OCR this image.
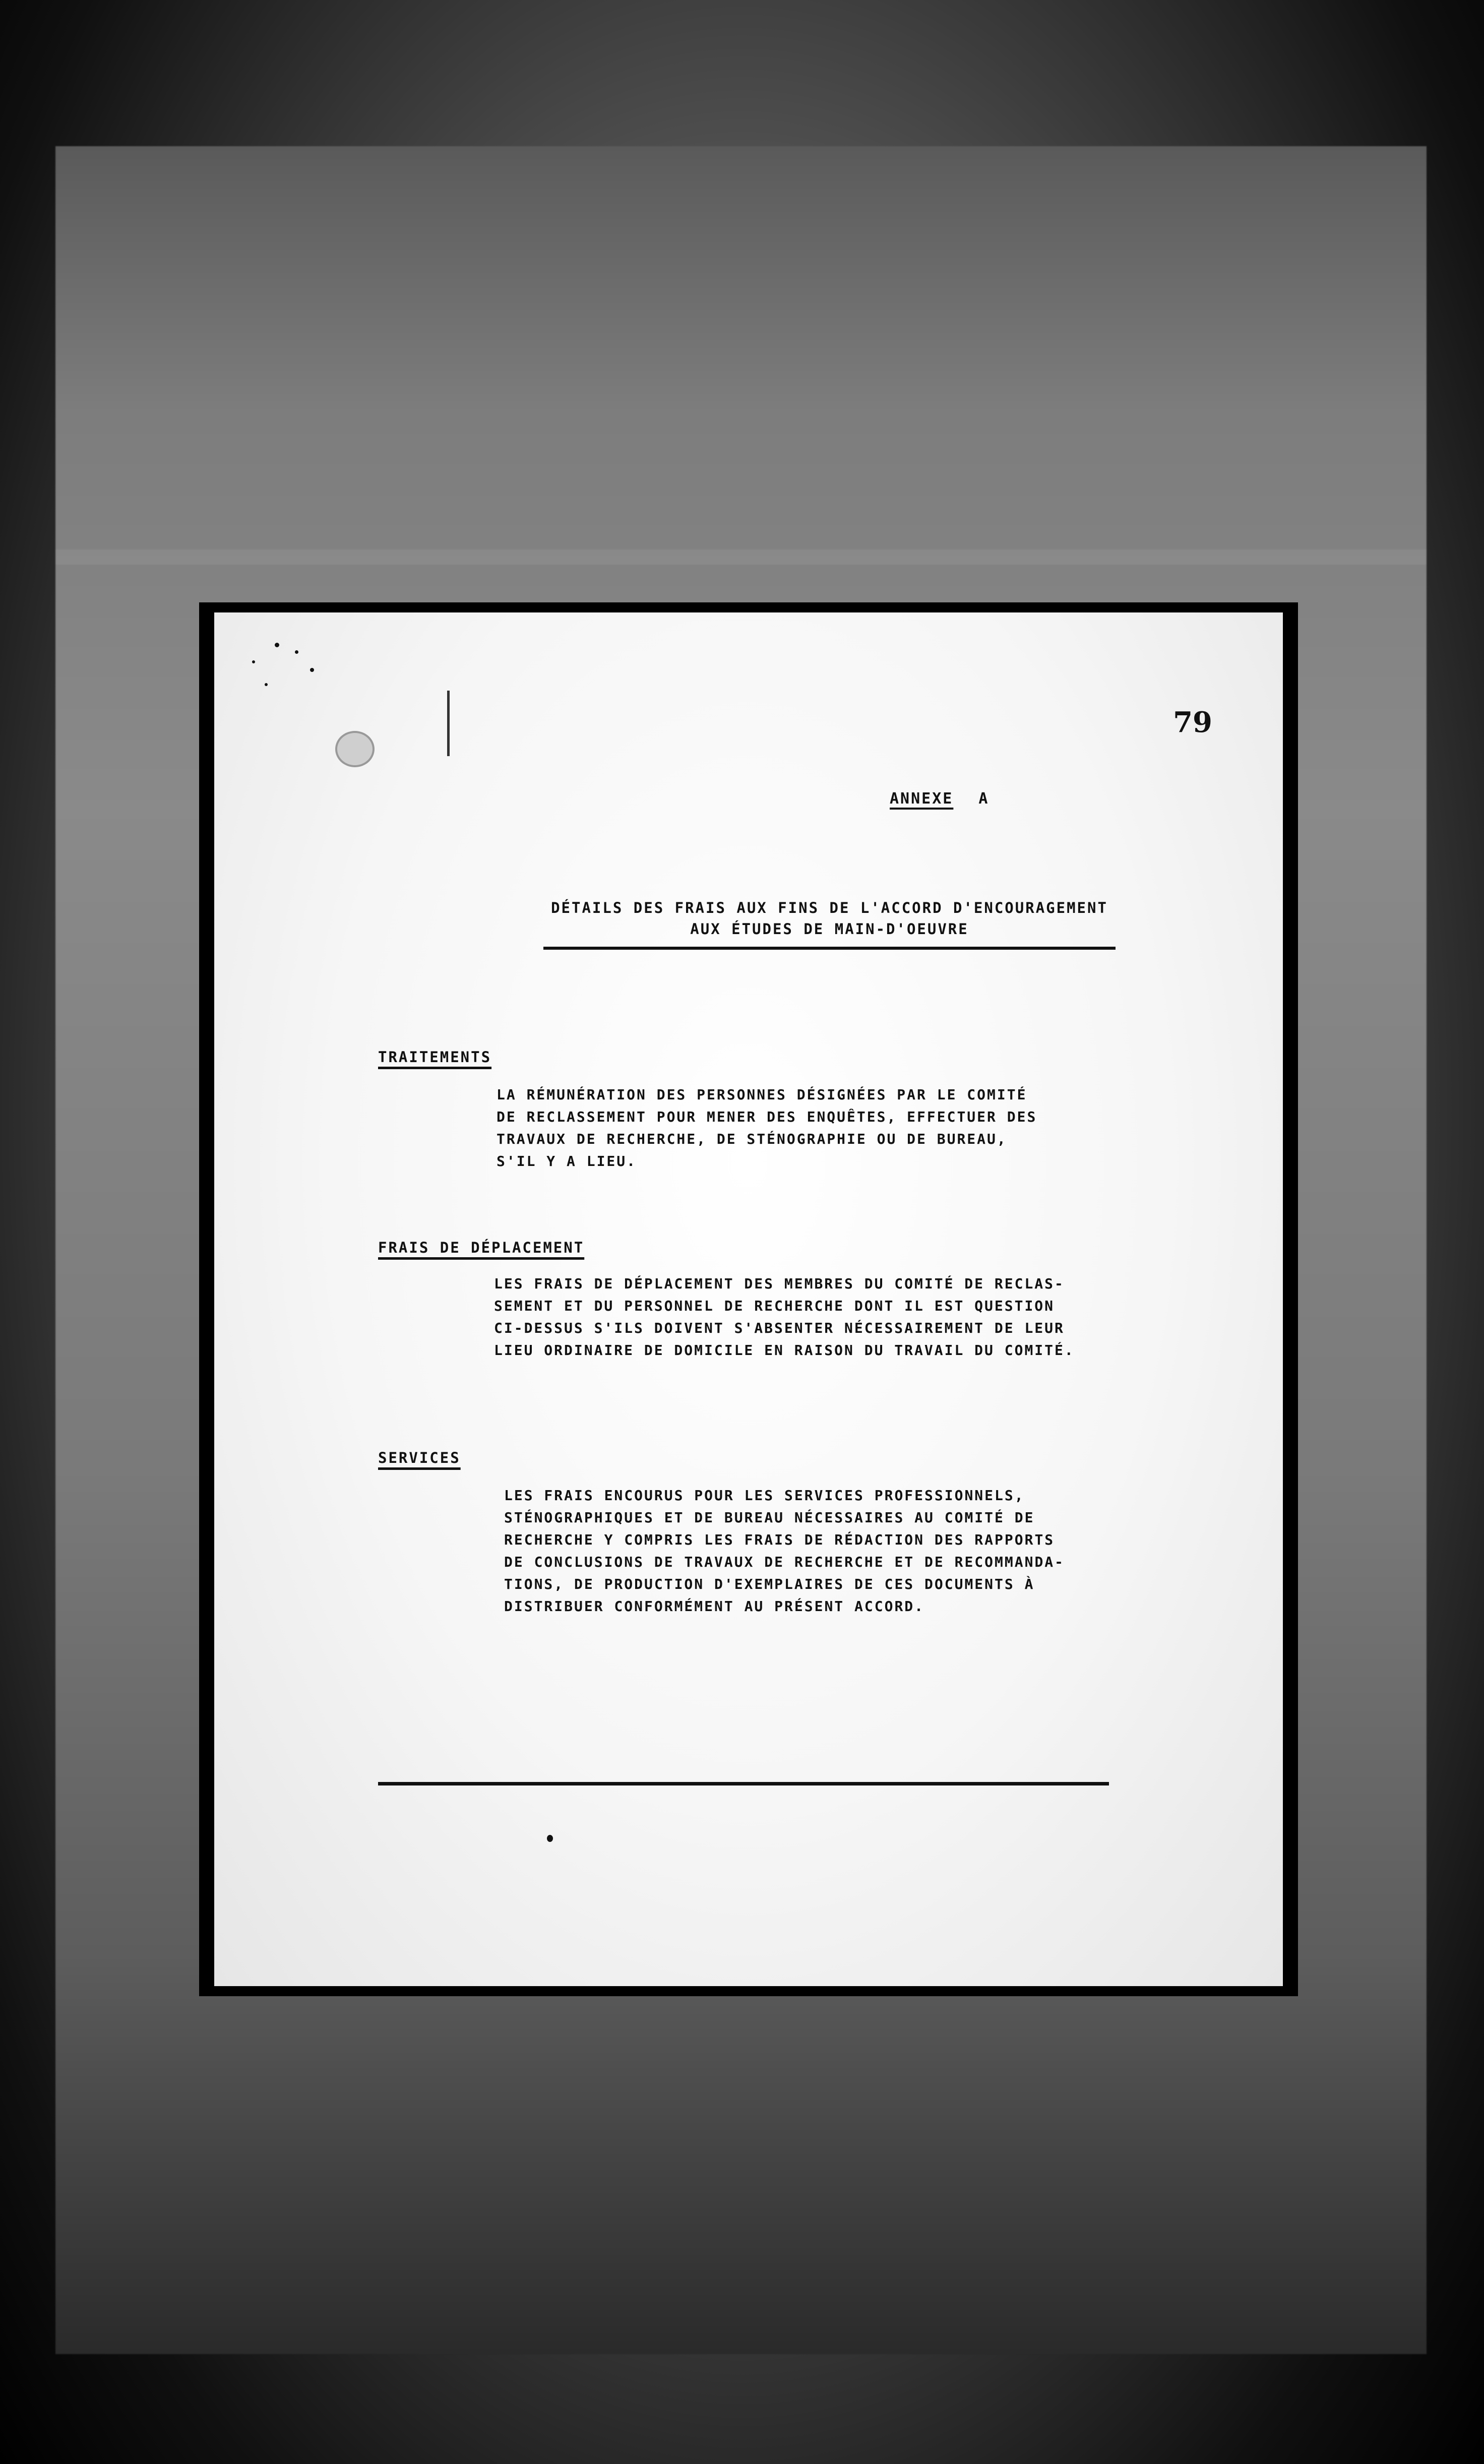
79
ANNEXE A
DÉTAILS DES FRAIS AUX FINS DE L'ACCORD D'ENCOURAGEMENT
AUX ÉTUDES DE MAIN-D'OEUVRE
TRAITEMENTS
LA RÉMUNÉRATION DES PERSONNES DÉSIGNÉES PAR LE COMITÉ
DE RECLASSEMENT POUR MENER DES ENQUÊTES, EFFECTUER DES
TRAVAUX DE RECHERCHE, DE STÉNOGRAPHIE OU DE BUREAU,
S'IL Y A LIEU.
FRAIS DE DÉPLACEMENT
LES FRAIS DE DÉPLACEMENT DES MEMBRES DU COMITÉ DE RECLAS-
SEMENT ET DU PERSONNEL DE RECHERCHE DONT IL EST QUESTION
CI-DESSUS S'ILS DOIVENT S'ABSENTER NÉCESSAIREMENT DE LEUR
LIEU ORDINAIRE DE DOMICILE EN RAISON DU TRAVAIL DU COMITÉ.
SERVICES
LES FRAIS ENCOURUS POUR LES SERVICES PROFESSIONNELS,
STÉNOGRAPHIQUES ET DE BUREAU NÉCESSAIRES AU COMITÉ DE
RECHERCHE Y COMPRIS LES FRAIS DE RÉDACTION DES RAPPORTS
DE CONCLUSIONS DE TRAVAUX DE RECHERCHE ET DE RECOMMANDA-
TIONS, DE PRODUCTION D'EXEMPLAIRES DE CES DOCUMENTS À
DISTRIBUER CONFORMÉMENT AU PRÉSENT ACCORD.
